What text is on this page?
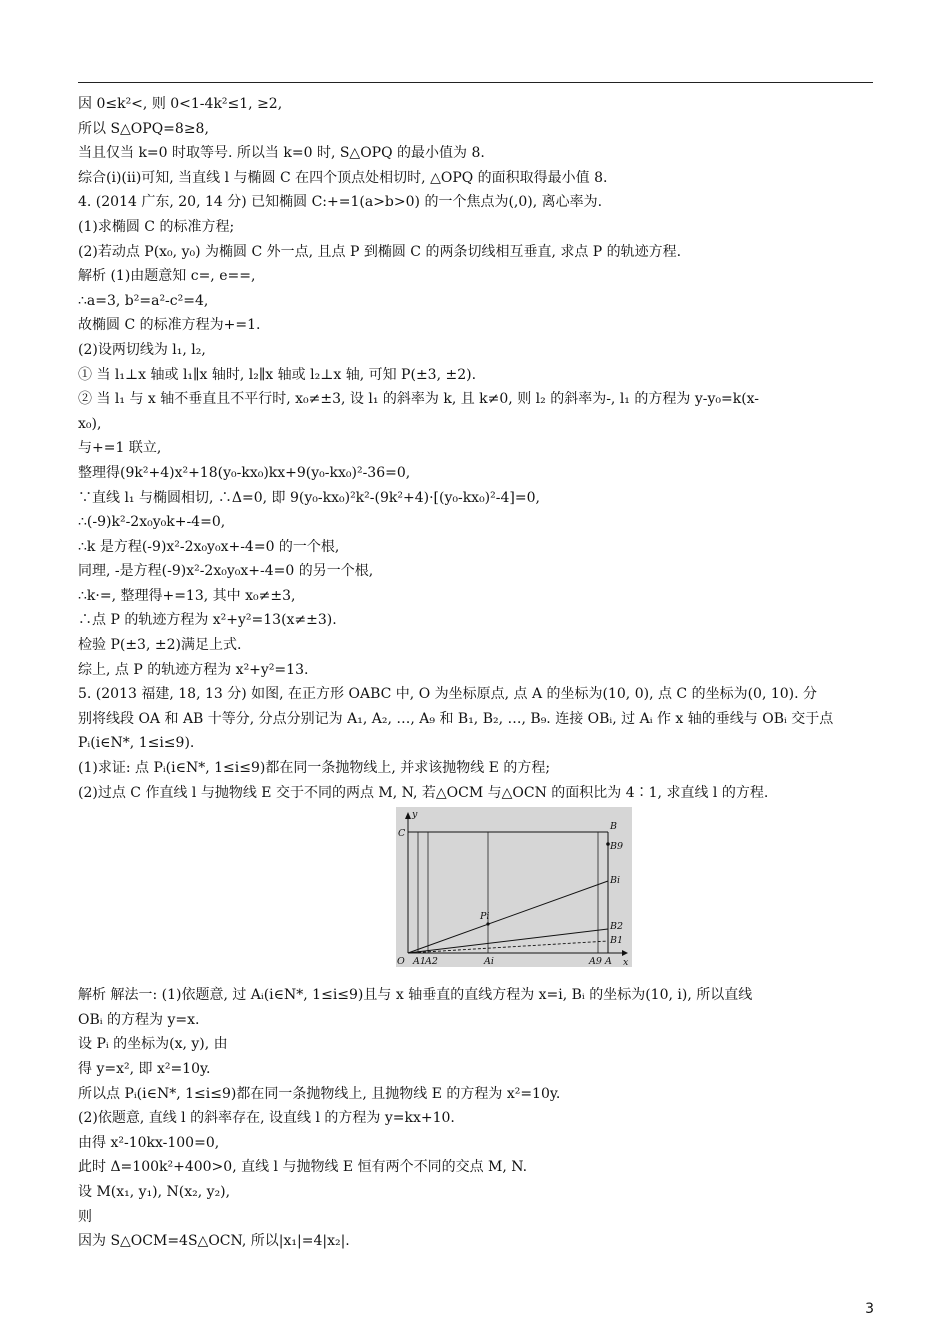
因 0≤k²<, 则 0<1-4k²≤1, ≥2,
所以 S△OPQ=8≥8,
当且仅当 k=0 时取等号. 所以当 k=0 时, S△OPQ 的最小值为 8.
综合(i)(ii)可知, 当直线 l 与椭圆 C 在四个顶点处相切时, △OPQ 的面积取得最小值 8.
4. (2014 广东, 20, 14 分) 已知椭圆 C:+=1(a>b>0) 的一个焦点为(,0), 离心率为.
(1)求椭圆 C 的标准方程;
(2)若动点 P(x₀, y₀) 为椭圆 C 外一点, 且点 P 到椭圆 C 的两条切线相互垂直, 求点 P 的轨迹方程.
解析 (1)由题意知 c=, e==,
∴a=3, b²=a²-c²=4,
故椭圆 C 的标准方程为+=1.
(2)设两切线为 l₁, l₂,
① 当 l₁⊥x 轴或 l₁∥x 轴时, l₂∥x 轴或 l₂⊥x 轴, 可知 P(±3, ±2).
② 当 l₁ 与 x 轴不垂直且不平行时, x₀≠±3, 设 l₁ 的斜率为 k, 且 k≠0, 则 l₂ 的斜率为-, l₁ 的方程为 y-y₀=k(x-
x₀),
与+=1 联立,
整理得(9k²+4)x²+18(y₀-kx₀)kx+9(y₀-kx₀)²-36=0,
∵直线 l₁ 与椭圆相切, ∴Δ=0, 即 9(y₀-kx₀)²k²-(9k²+4)·[(y₀-kx₀)²-4]=0,
∴(-9)k²-2x₀y₀k+-4=0,
∴k 是方程(-9)x²-2x₀y₀x+-4=0 的一个根,
同理, -是方程(-9)x²-2x₀y₀x+-4=0 的另一个根,
∴k·=, 整理得+=13, 其中 x₀≠±3,
∴点 P 的轨迹方程为 x²+y²=13(x≠±3).
检验 P(±3, ±2)满足上式.
综上, 点 P 的轨迹方程为 x²+y²=13.
5. (2013 福建, 18, 13 分) 如图, 在正方形 OABC 中, O 为坐标原点, 点 A 的坐标为(10, 0), 点 C 的坐标为(0, 10). 分
别将线段 OA 和 AB 十等分, 分点分别记为 A₁, A₂, …, A₉ 和 B₁, B₂, …, B₉. 连接 OBᵢ, 过 Aᵢ 作 x 轴的垂线与 OBᵢ 交于点
Pᵢ(i∈N*, 1≤i≤9).
(1)求证: 点 Pᵢ(i∈N*, 1≤i≤9)都在同一条抛物线上, 并求该抛物线 E 的方程;
(2)过点 C 作直线 l 与抛物线 E 交于不同的两点 M, N, 若△OCM 与△OCN 的面积比为 4∶1, 求直线 l 的方程.
y
x
C
B
B9
Bi
Pi
B2
B1
O A1 A2	Ai	A9 A
解析 解法一: (1)依题意, 过 Aᵢ(i∈N*, 1≤i≤9)且与 x 轴垂直的直线方程为 x=i, Bᵢ 的坐标为(10, i), 所以直线
OBᵢ 的方程为 y=x.
设 Pᵢ 的坐标为(x, y), 由
得 y=x², 即 x²=10y.
所以点 Pᵢ(i∈N*, 1≤i≤9)都在同一条抛物线上, 且抛物线 E 的方程为 x²=10y.
(2)依题意, 直线 l 的斜率存在, 设直线 l 的方程为 y=kx+10.
由得 x²-10kx-100=0,
此时 Δ=100k²+400>0, 直线 l 与抛物线 E 恒有两个不同的交点 M, N.
设 M(x₁, y₁), N(x₂, y₂),
则
因为 S△OCM=4S△OCN, 所以|x₁|=4|x₂|.
3
